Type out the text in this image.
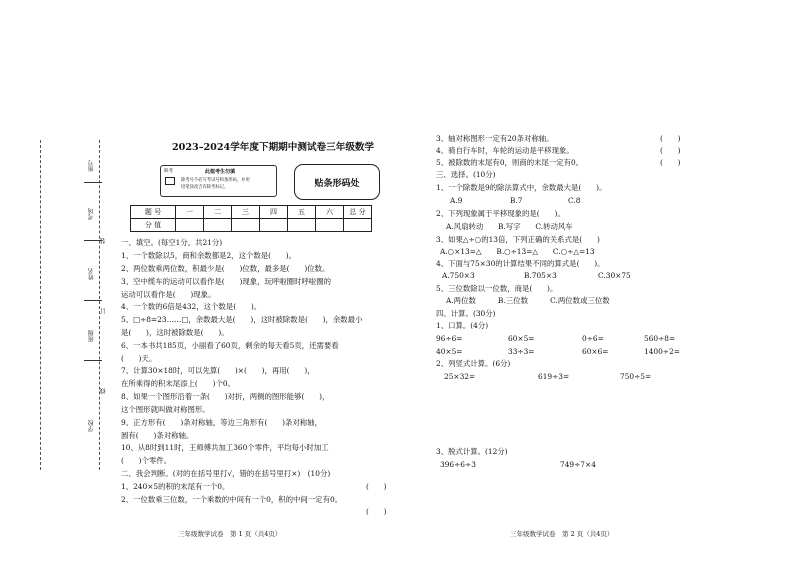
座号
考场
姓名
班级
学校
装
订
线
2023–2024学年度下期期中测试卷三年级数学
缺考	此框考生勿填
除考号不必写考试号和条形码，并用
铅笔涂改吉有缺考标记。	贴条形码处
题 号	一	二	三	四	五	六	总 分
分 值							
一、填空。(每空1分，共21分)
1、一个数除以5，商和余数都是2，这个数是(　　)。
2、两位数乘两位数，积最少是(　　)位数，最多是(　　)位数。
3、空中缆车的运动可以看作是(　　)现象，玩呼啦圈时呼啦圈的
运动可以看作是(　　)现象。
4、一个数的6倍是432，这个数是(　　)。
5、□÷8=23……□，余数最大是(　　)，这时被除数是(　　)，余数最小
是(　　)，这时被除数是(　　)。
6、一本书共185页，小丽看了60页，剩余的每天看5页，还需要看
(　　)天。
7、计算30×18时，可以先算(　　)×(　　)，再用(　　)，
在所乘得的积末尾添上(　　)个0。
8、如果一个图形沿着一条(　　)对折，两侧的图形能够(　　)，
这个图形就叫做对称图形。
9、正方形有(　　)条对称轴，等边三角形有(　　)条对称轴，
圆有(　　)条对称轴。
10、从8时到11时，王师傅共加工360个零件，平均每小时加工
(　　)个零件。
二、我会判断。(对的在括号里打√，错的在括号里打×)　(10分)
1、240×5的积的末尾有一个0。
2、一位数乘三位数，一个乘数的中间有一个0，积的中间一定有0。
(　　)
(　　)
三年级数学试卷　第 1 页（共4页）
3、轴对称图形一定有20条对称轴。
4、骑自行车时，车轮的运动是平移现象。
5、被除数的末尾有0，则商的末尾一定有0。
(　　)
(　　)
(　　)
三、选择。(10分)
1、一个除数是9的除法算式中，余数最大是(　　)。
A.9	B.7	C.8
2、下列现象属于平移现象的是(　　)。
A.风扇转动　　B.写字　　C.转动风车
3、如果△÷○的13倍，下列正确的关系式是(　　)
A.○×13=△　　B.○÷13=△　　C.○÷△=13
4、下面与75×30的计算结果不同的算式是(　　)。
A.750×3	B.705×3	C.30×75
5、三位数除以一位数，商是(　　)。
A.两位数　　　B.三位数　　　C.两位数或三位数
四、计算。(30分)
1、口算。(4分)
96÷6=	60×5=	0÷6=	560÷8=
40×5=	33÷3=	60×6=	1400÷2=
2、列竖式计算。(6分)
25×32=	619÷3=	750÷5=
3、脱式计算。(12分)
396÷6÷3	749÷7×4
三年级数学试卷　第 2 页（共4页）
